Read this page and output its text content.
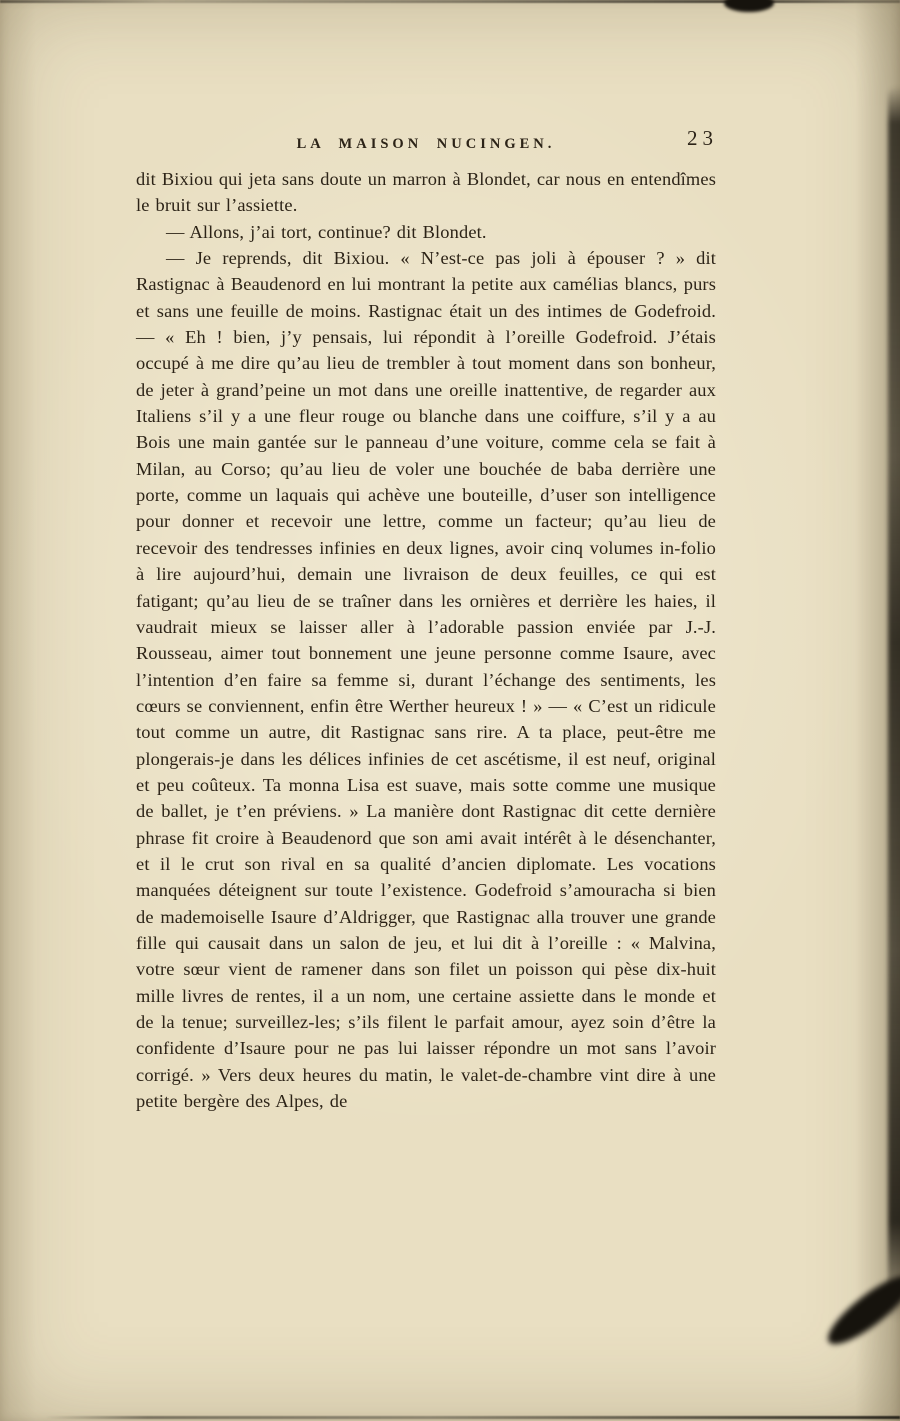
LA MAISON NUCINGEN.	23

dit Bixiou qui jeta sans doute un marron à Blondet, car nous en entendîmes le bruit sur l’assiette.

— Allons, j’ai tort, continue? dit Blondet.

— Je reprends, dit Bixiou. « N’est-ce pas joli à épouser ? » dit Rastignac à Beaudenord en lui montrant la petite aux camélias blancs, purs et sans une feuille de moins. Rastignac était un des intimes de Godefroid. — « Eh ! bien, j’y pensais, lui répondit à l’oreille Godefroid. J’étais occupé à me dire qu’au lieu de trembler à tout moment dans son bonheur, de jeter à grand’peine un mot dans une oreille inattentive, de regarder aux Italiens s’il y a une fleur rouge ou blanche dans une coiffure, s’il y a au Bois une main gantée sur le panneau d’une voiture, comme cela se fait à Milan, au Corso; qu’au lieu de voler une bouchée de baba derrière une porte, comme un laquais qui achève une bouteille, d’user son intelligence pour donner et recevoir une lettre, comme un facteur; qu’au lieu de recevoir des tendresses infinies en deux lignes, avoir cinq volumes in-folio à lire aujourd’hui, demain une livraison de deux feuilles, ce qui est fatigant; qu’au lieu de se traîner dans les ornières et derrière les haies, il vaudrait mieux se laisser aller à l’adorable passion enviée par J.-J. Rousseau, aimer tout bonnement une jeune personne comme Isaure, avec l’intention d’en faire sa femme si, durant l’échange des sentiments, les cœurs se conviennent, enfin être Werther heureux ! » — « C’est un ridicule tout comme un autre, dit Rastignac sans rire. A ta place, peut-être me plongerais-je dans les délices infinies de cet ascétisme, il est neuf, original et peu coûteux. Ta monna Lisa est suave, mais sotte comme une musique de ballet, je t’en préviens. » La manière dont Rastignac dit cette dernière phrase fit croire à Beaudenord que son ami avait intérêt à le désenchanter, et il le crut son rival en sa qualité d’ancien diplomate. Les vocations manquées déteignent sur toute l’existence. Godefroid s’amouracha si bien de mademoiselle Isaure d’Aldrigger, que Rastignac alla trouver une grande fille qui causait dans un salon de jeu, et lui dit à l’oreille : « Malvina, votre sœur vient de ramener dans son filet un poisson qui pèse dix-huit mille livres de rentes, il a un nom, une certaine assiette dans le monde et de la tenue; surveillez-les; s’ils filent le parfait amour, ayez soin d’être la confidente d’Isaure pour ne pas lui laisser répondre un mot sans l’avoir corrigé. » Vers deux heures du matin, le valet-de-chambre vint dire à une petite bergère des Alpes, de
